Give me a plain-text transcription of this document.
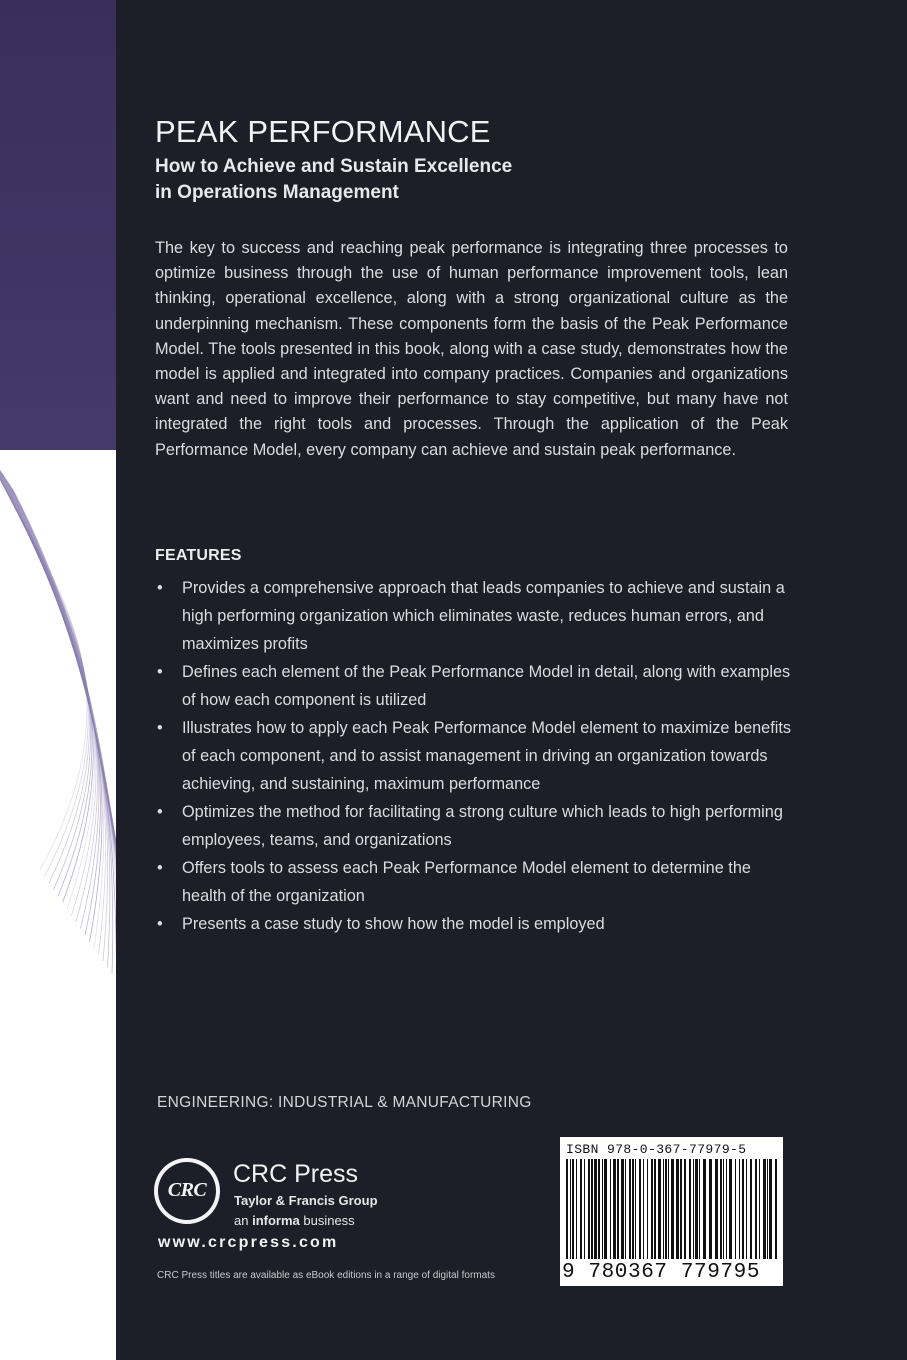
PEAK PERFORMANCE
How to Achieve and Sustain Excellence
in Operations Management
The key to success and reaching peak performance is integrating three processes to optimize business through the use of human performance improvement tools, lean thinking, operational excellence, along with a strong organizational culture as the underpinning mechanism. These components form the basis of the Peak Performance Model. The tools presented in this book, along with a case study, demonstrates how the model is applied and integrated into company practices. Companies and organizations want and need to improve their performance to stay competitive, but many have not integrated the right tools and processes. Through the application of the Peak Performance Model, every company can achieve and sustain peak performance.
FEATURES
• Provides a comprehensive approach that leads companies to achieve and sustain a high performing organization which eliminates waste, reduces human errors, and maximizes profits
• Defines each element of the Peak Performance Model in detail, along with examples of how each component is utilized
• Illustrates how to apply each Peak Performance Model element to maximize benefits of each component, and to assist management in driving an organization towards achieving, and sustaining, maximum performance
• Optimizes the method for facilitating a strong culture which leads to high performing employees, teams, and organizations
• Offers tools to assess each Peak Performance Model element to determine the health of the organization
• Presents a case study to show how the model is employed
ENGINEERING: INDUSTRIAL & MANUFACTURING
CRC
CRC Press
Taylor & Francis Group
an informa business
www.crcpress.com
CRC Press titles are available as eBook editions in a range of digital formats
ISBN 978-0-367-77979-5
9 780367 779795
